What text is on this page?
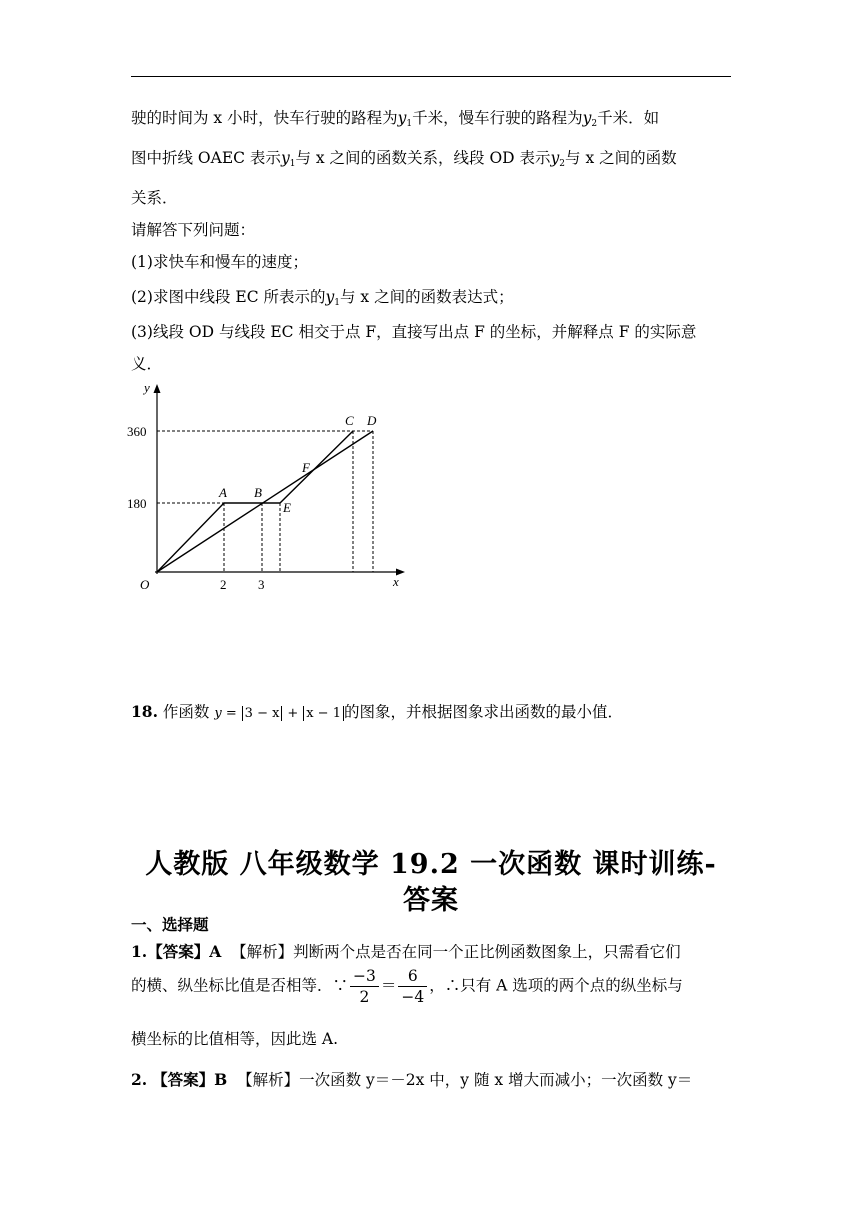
驶的时间为 x 小时，快车行驶的路程为$y_1$千米，慢车行驶的路程为$y_2$千米．如
图中折线 OAEC 表示$y_1$与 x 之间的函数关系，线段 OD 表示$y_2$与 x 之间的函数
关系．
请解答下列问题：
(1)求快车和慢车的速度；
(2)求图中线段 EC 所表示的$y_1$与 x 之间的函数表达式；
(3)线段 OD 与线段 EC 相交于点 F，直接写出点 F 的坐标，并解释点 F 的实际意
义．
y
x
O
360
180
2 3
A B
E
F
C D
18. 作函数 y = 3 − x + x − 1 的图象，并根据图象求出函数的最小值．
人教版 八年级数学 19.2 一次函数 课时训练-
答案
一、选择题
1.【答案】A 【解析】判断两个点是否在同一个正比例函数图象上，只需看它们
的横、纵坐标比值是否相等．∵ $\frac{-3}{2} = \frac{6}{-4}$ ，∴只有 A 选项的两个点的纵坐标与
横坐标的比值相等，因此选 A.
2. 【答案】B 【解析】一次函数 y＝－2x 中，y 随 x 增大而减小；一次函数 y＝
